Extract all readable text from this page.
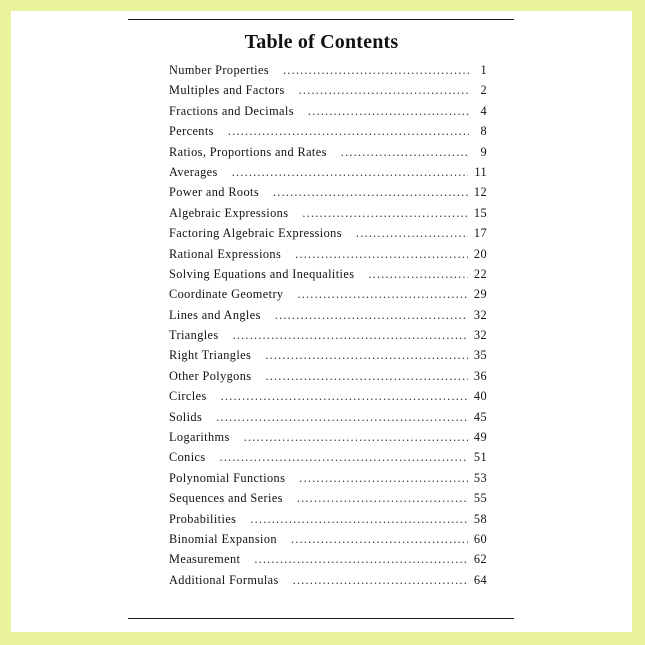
Table of Contents
Number Properties .....	1
Multiples and Factors .....	2
Fractions and Decimals .....	4
Percents .....	8
Ratios, Proportions and Rates .....	9
Averages .....	11
Power and Roots .....	12
Algebraic Expressions .....	15
Factoring Algebraic Expressions .....	17
Rational Expressions .....	20
Solving Equations and Inequalities .....	22
Coordinate Geometry .....	29
Lines and Angles .....	32
Triangles .....	32
Right Triangles .....	35
Other Polygons .....	36
Circles .....	40
Solids .....	45
Logarithms .....	49
Conics .....	51
Polynomial Functions .....	53
Sequences and Series .....	55
Probabilities .....	58
Binomial Expansion .....	60
Measurement .....	62
Additional Formulas .....	64
